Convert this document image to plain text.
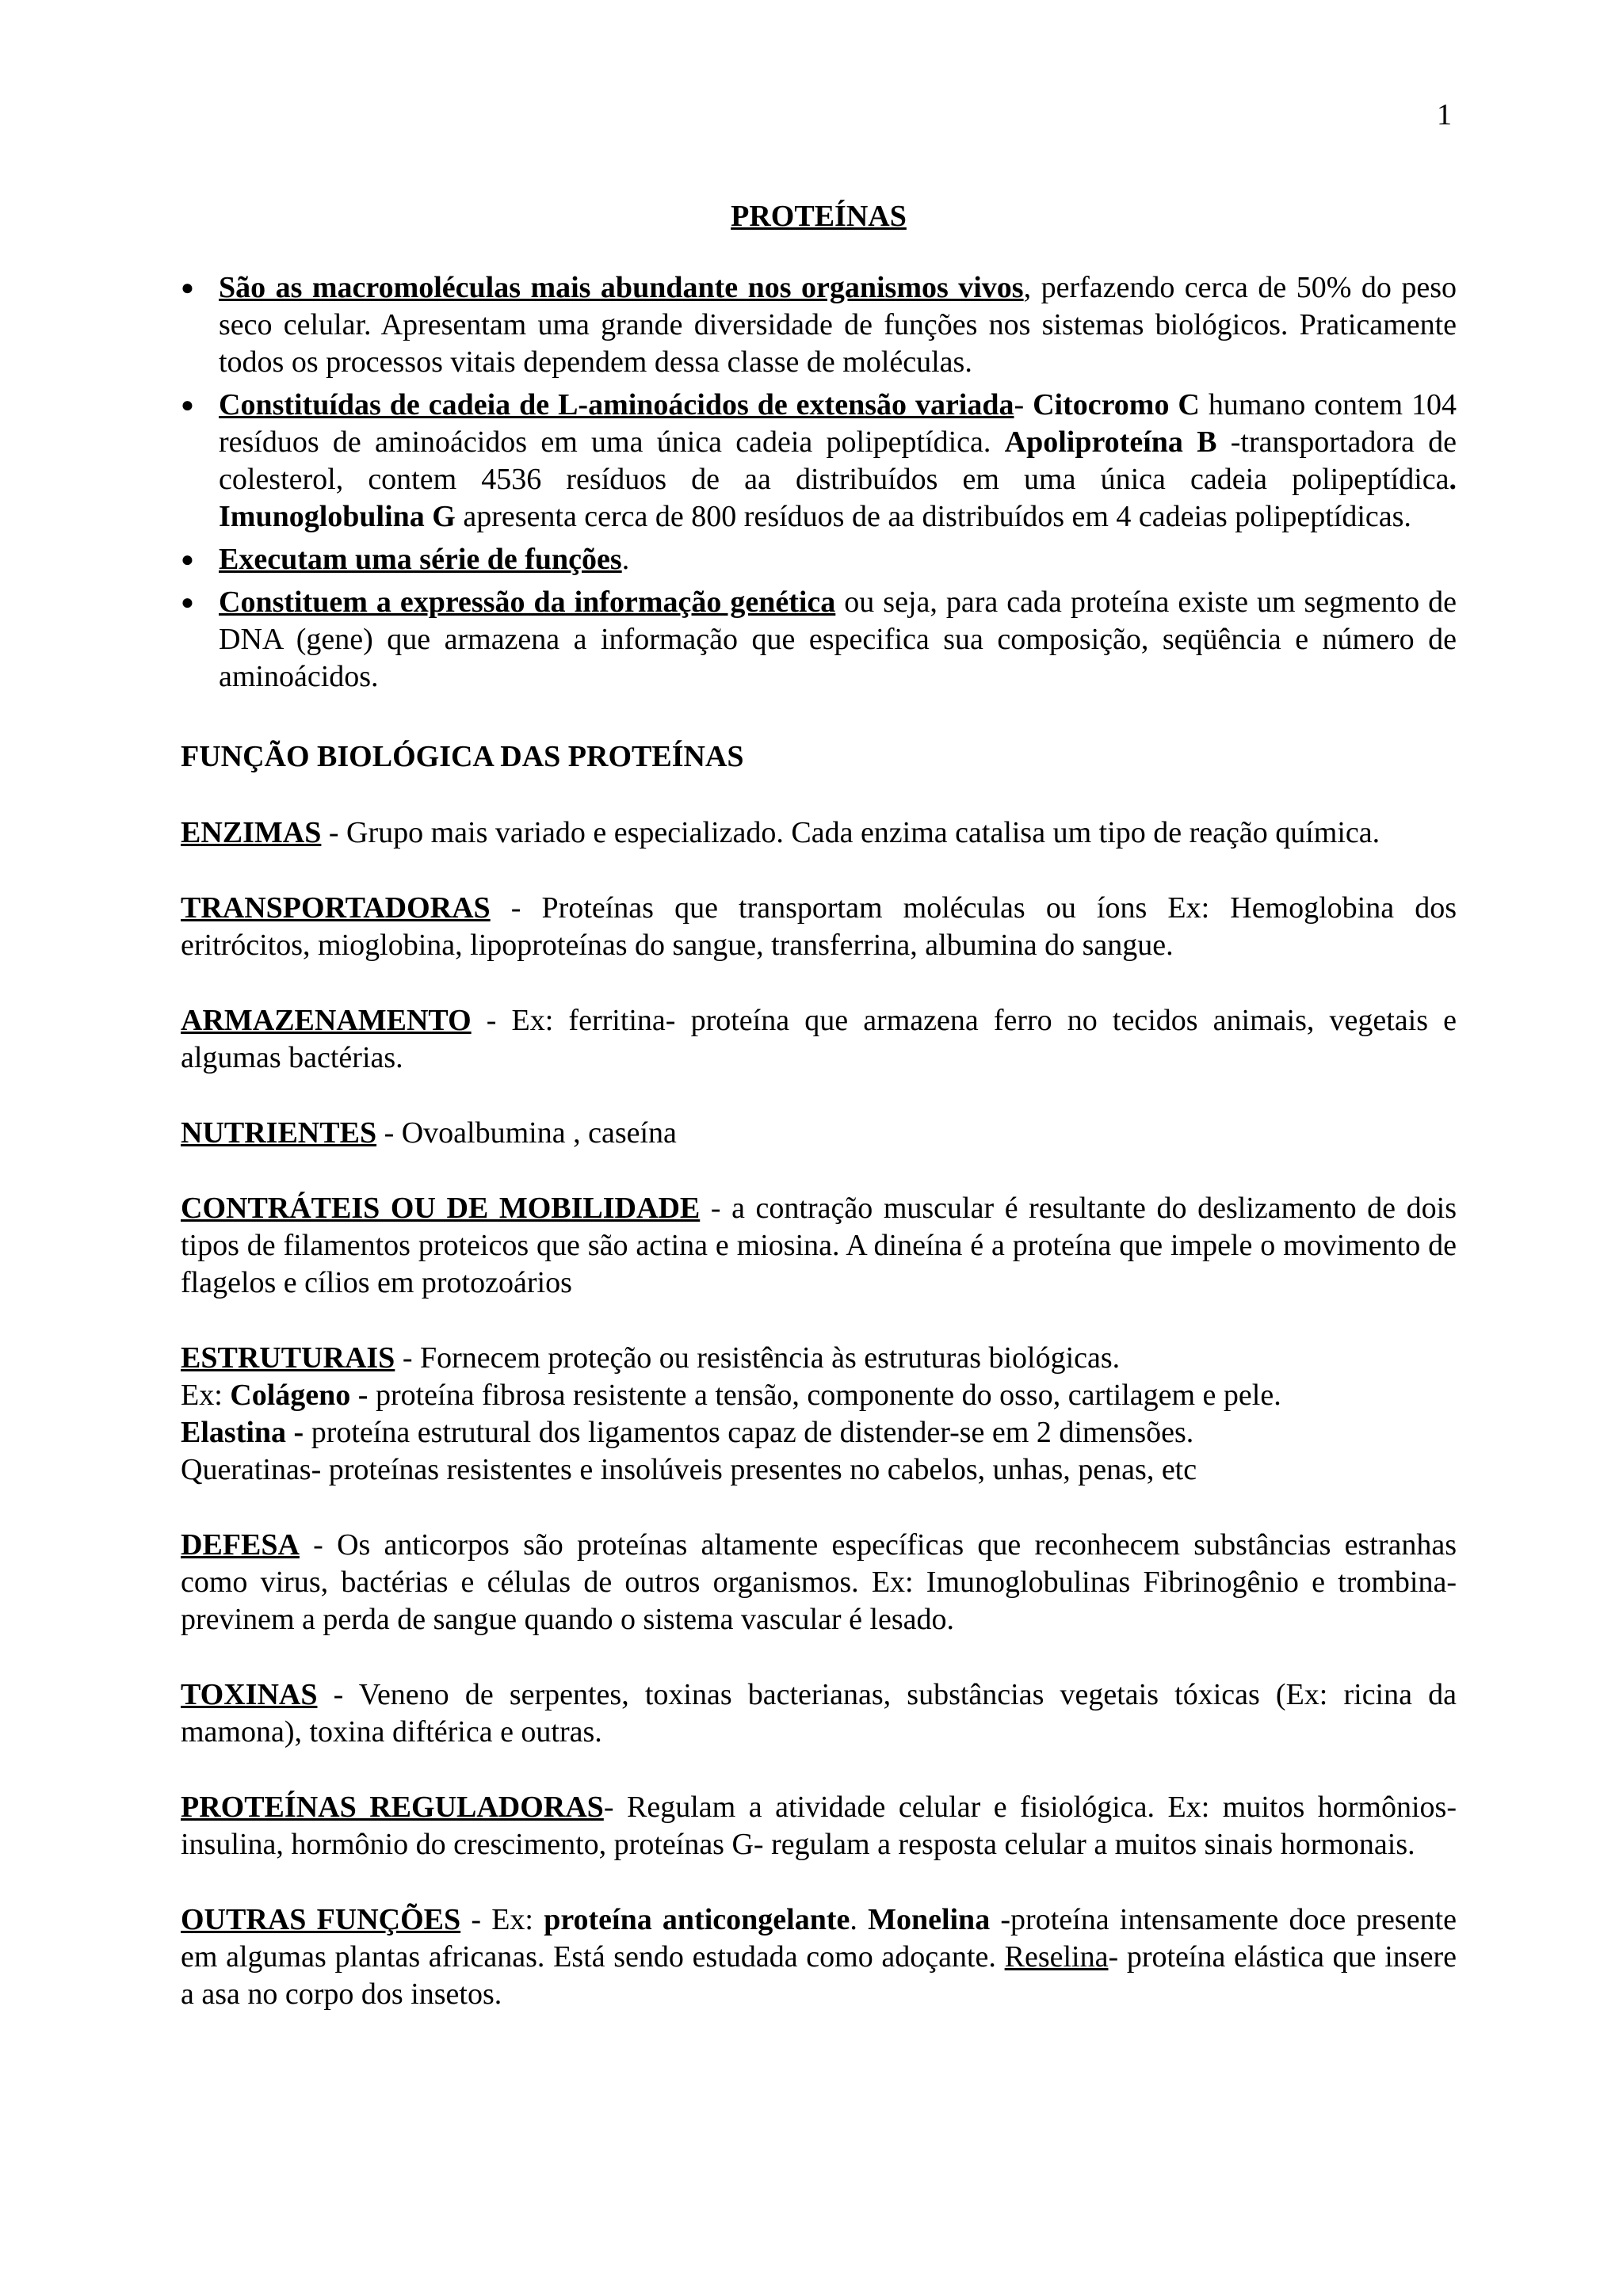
1
PROTEÍNAS
● São as macromoléculas mais abundante nos organismos vivos, perfazendo cerca de 50% do peso seco celular. Apresentam uma grande diversidade de funções nos sistemas biológicos. Praticamente todos os processos vitais dependem dessa classe de moléculas.
● Constituídas de cadeia de L-aminoácidos de extensão variada- Citocromo C humano contem 104 resíduos de aminoácidos em uma única cadeia polipeptídica. Apoliproteína B -transportadora de colesterol, contem 4536 resíduos de aa distribuídos em uma única cadeia polipeptídica. Imunoglobulina G apresenta cerca de 800 resíduos de aa distribuídos em 4 cadeias polipeptídicas.
● Executam uma série de funções.
● Constituem a expressão da informação genética ou seja, para cada proteína existe um segmento de DNA (gene) que armazena a informação que especifica sua composição, seqüência e número de aminoácidos.
FUNÇÃO BIOLÓGICA DAS PROTEÍNAS

ENZIMAS - Grupo mais variado e especializado. Cada enzima catalisa um tipo de reação química.

TRANSPORTADORAS - Proteínas que transportam moléculas ou íons Ex: Hemoglobina dos eritrócitos, mioglobina, lipoproteínas do sangue, transferrina, albumina do sangue.

ARMAZENAMENTO - Ex: ferritina- proteína que armazena ferro no tecidos animais, vegetais e algumas bactérias.

NUTRIENTES - Ovoalbumina , caseína

CONTRÁTEIS OU DE MOBILIDADE - a contração muscular é resultante do deslizamento de dois tipos de filamentos proteicos que são actina e miosina. A dineína é a proteína que impele o movimento de flagelos e cílios em protozoários

ESTRUTURAIS - Fornecem proteção ou resistência às estruturas biológicas.

Ex: Colágeno - proteína fibrosa resistente a tensão, componente do osso, cartilagem e pele.

Elastina - proteína estrutural dos ligamentos capaz de distender-se em 2 dimensões.

Queratinas- proteínas resistentes e insolúveis presentes no cabelos, unhas, penas, etc

DEFESA - Os anticorpos são proteínas altamente específicas que reconhecem substâncias estranhas como virus, bactérias e células de outros organismos. Ex: Imunoglobulinas Fibrinogênio e trombina- previnem a perda de sangue quando o sistema vascular é lesado.

TOXINAS - Veneno de serpentes, toxinas bacterianas, substâncias vegetais tóxicas (Ex: ricina da mamona), toxina diftérica e outras.

PROTEÍNAS REGULADORAS- Regulam a atividade celular e fisiológica. Ex: muitos hormônios- insulina, hormônio do crescimento, proteínas G- regulam a resposta celular a muitos sinais hormonais.

OUTRAS FUNÇÕES - Ex: proteína anticongelante. Monelina -proteína intensamente doce presente em algumas plantas africanas. Está sendo estudada como adoçante. Reselina- proteína elástica que insere a asa no corpo dos insetos.
